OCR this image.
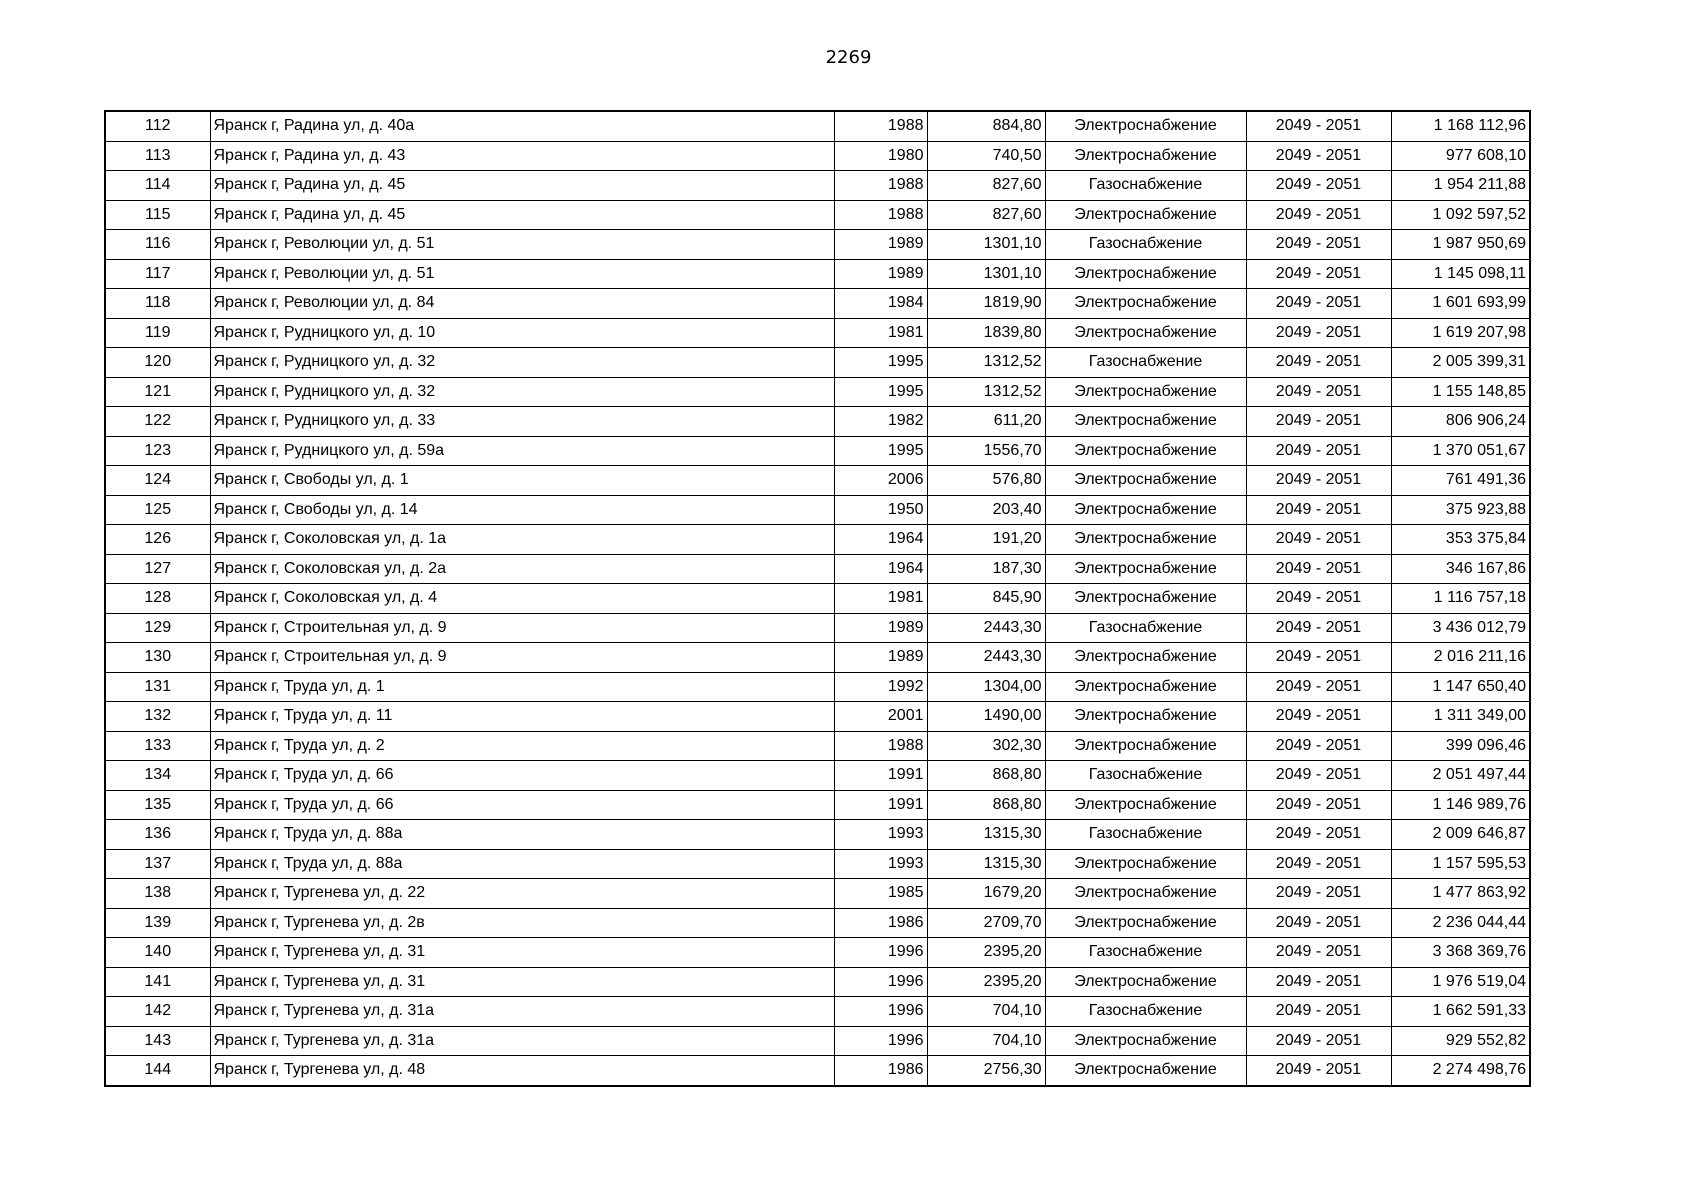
2269
112	Яранск г, Радина ул, д. 40а	1988	884,80	Электроснабжение	2049 - 2051	1 168 112,96
113	Яранск г, Радина ул, д. 43	1980	740,50	Электроснабжение	2049 - 2051	977 608,10
114	Яранск г, Радина ул, д. 45	1988	827,60	Газоснабжение	2049 - 2051	1 954 211,88
115	Яранск г, Радина ул, д. 45	1988	827,60	Электроснабжение	2049 - 2051	1 092 597,52
116	Яранск г, Революции ул, д. 51	1989	1301,10	Газоснабжение	2049 - 2051	1 987 950,69
117	Яранск г, Революции ул, д. 51	1989	1301,10	Электроснабжение	2049 - 2051	1 145 098,11
118	Яранск г, Революции ул, д. 84	1984	1819,90	Электроснабжение	2049 - 2051	1 601 693,99
119	Яранск г, Рудницкого ул, д. 10	1981	1839,80	Электроснабжение	2049 - 2051	1 619 207,98
120	Яранск г, Рудницкого ул, д. 32	1995	1312,52	Газоснабжение	2049 - 2051	2 005 399,31
121	Яранск г, Рудницкого ул, д. 32	1995	1312,52	Электроснабжение	2049 - 2051	1 155 148,85
122	Яранск г, Рудницкого ул, д. 33	1982	611,20	Электроснабжение	2049 - 2051	806 906,24
123	Яранск г, Рудницкого ул, д. 59а	1995	1556,70	Электроснабжение	2049 - 2051	1 370 051,67
124	Яранск г, Свободы ул, д. 1	2006	576,80	Электроснабжение	2049 - 2051	761 491,36
125	Яранск г, Свободы ул, д. 14	1950	203,40	Электроснабжение	2049 - 2051	375 923,88
126	Яранск г, Соколовская ул, д. 1а	1964	191,20	Электроснабжение	2049 - 2051	353 375,84
127	Яранск г, Соколовская ул, д. 2а	1964	187,30	Электроснабжение	2049 - 2051	346 167,86
128	Яранск г, Соколовская ул, д. 4	1981	845,90	Электроснабжение	2049 - 2051	1 116 757,18
129	Яранск г, Строительная ул, д. 9	1989	2443,30	Газоснабжение	2049 - 2051	3 436 012,79
130	Яранск г, Строительная ул, д. 9	1989	2443,30	Электроснабжение	2049 - 2051	2 016 211,16
131	Яранск г, Труда ул, д. 1	1992	1304,00	Электроснабжение	2049 - 2051	1 147 650,40
132	Яранск г, Труда ул, д. 11	2001	1490,00	Электроснабжение	2049 - 2051	1 311 349,00
133	Яранск г, Труда ул, д. 2	1988	302,30	Электроснабжение	2049 - 2051	399 096,46
134	Яранск г, Труда ул, д. 66	1991	868,80	Газоснабжение	2049 - 2051	2 051 497,44
135	Яранск г, Труда ул, д. 66	1991	868,80	Электроснабжение	2049 - 2051	1 146 989,76
136	Яранск г, Труда ул, д. 88а	1993	1315,30	Газоснабжение	2049 - 2051	2 009 646,87
137	Яранск г, Труда ул, д. 88а	1993	1315,30	Электроснабжение	2049 - 2051	1 157 595,53
138	Яранск г, Тургенева ул, д. 22	1985	1679,20	Электроснабжение	2049 - 2051	1 477 863,92
139	Яранск г, Тургенева ул, д. 2в	1986	2709,70	Электроснабжение	2049 - 2051	2 236 044,44
140	Яранск г, Тургенева ул, д. 31	1996	2395,20	Газоснабжение	2049 - 2051	3 368 369,76
141	Яранск г, Тургенева ул, д. 31	1996	2395,20	Электроснабжение	2049 - 2051	1 976 519,04
142	Яранск г, Тургенева ул, д. 31а	1996	704,10	Газоснабжение	2049 - 2051	1 662 591,33
143	Яранск г, Тургенева ул, д. 31а	1996	704,10	Электроснабжение	2049 - 2051	929 552,82
144	Яранск г, Тургенева ул, д. 48	1986	2756,30	Электроснабжение	2049 - 2051	2 274 498,76
